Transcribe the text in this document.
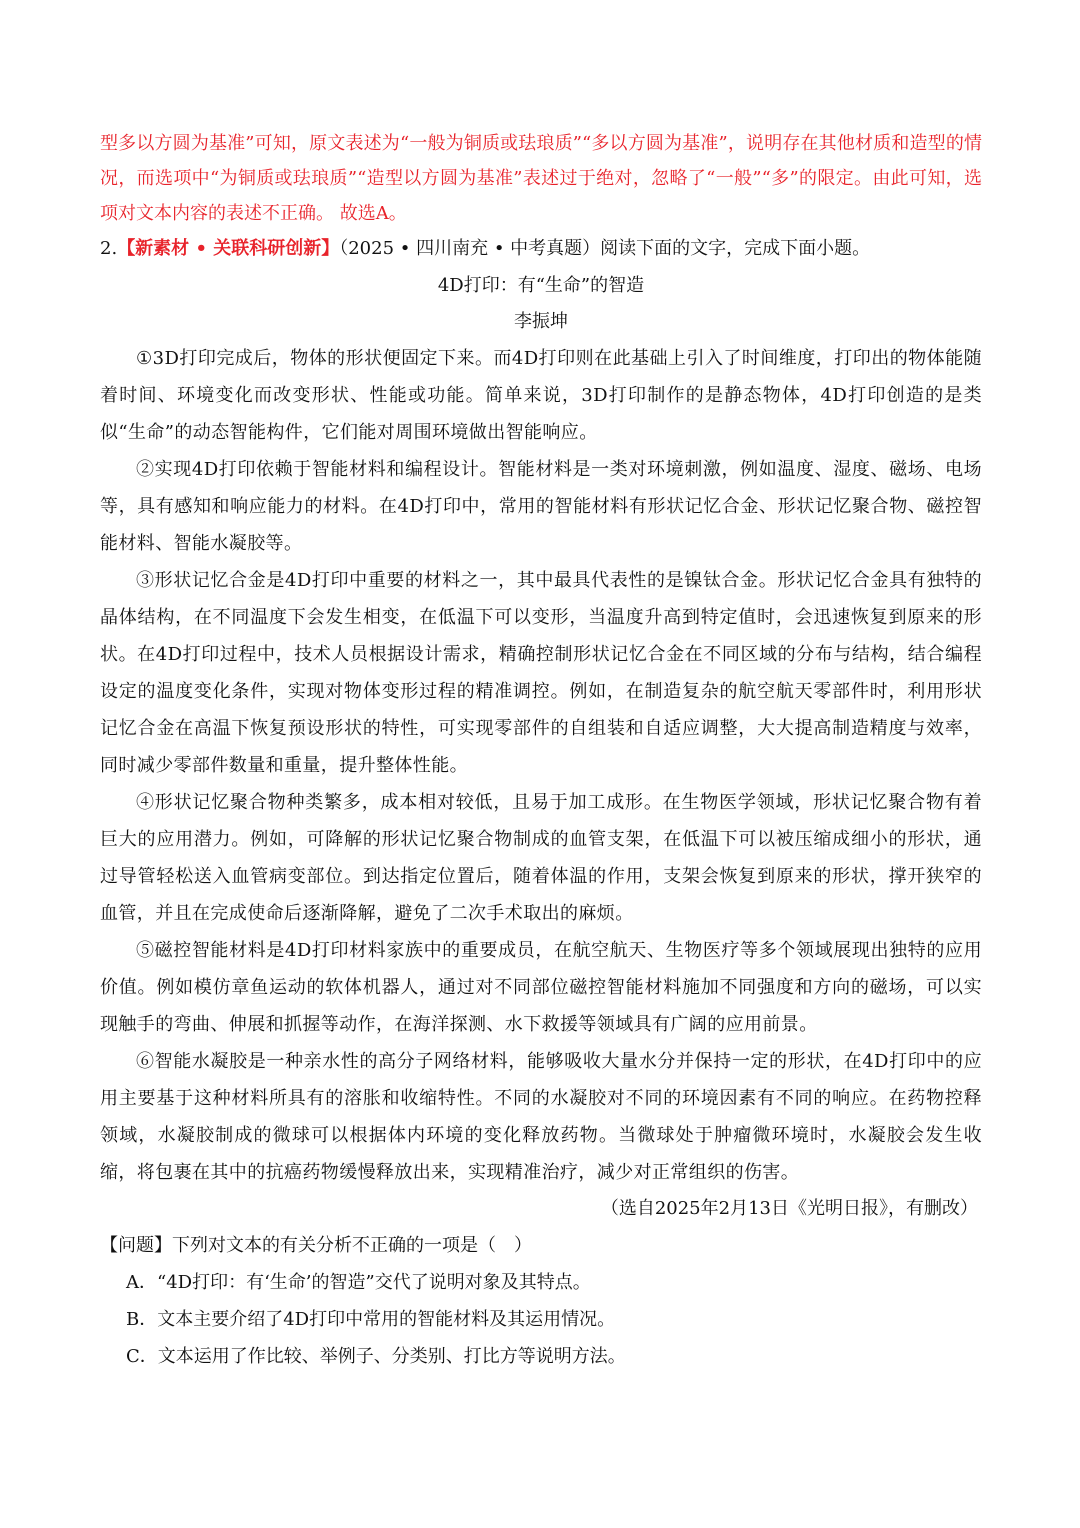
型多以方圆为基准”可知，原文表述为“一般为铜质或珐琅质”“多以方圆为基准”，说明存在其他材质和造型的情况，而选项中“为铜质或珐琅质”“造型以方圆为基准”表述过于绝对，忽略了“一般”“多”的限定。由此可知，选项对文本内容的表述不正确。 故选A。

2.【新素材 • 关联科研创新】（2025 • 四川南充 • 中考真题）阅读下面的文字，完成下面小题。

4D打印：有“生命”的智造

李振坤

①3D打印完成后，物体的形状便固定下来。而4D打印则在此基础上引入了时间维度，打印出的物体能随着时间、环境变化而改变形状、性能或功能。简单来说，3D打印制作的是静态物体，4D打印创造的是类似“生命”的动态智能构件，它们能对周围环境做出智能响应。

②实现4D打印依赖于智能材料和编程设计。智能材料是一类对环境刺激，例如温度、湿度、磁场、电场等，具有感知和响应能力的材料。在4D打印中，常用的智能材料有形状记忆合金、形状记忆聚合物、磁控智能材料、智能水凝胶等。

③形状记忆合金是4D打印中重要的材料之一，其中最具代表性的是镍钛合金。形状记忆合金具有独特的晶体结构，在不同温度下会发生相变，在低温下可以变形，当温度升高到特定值时，会迅速恢复到原来的形状。在4D打印过程中，技术人员根据设计需求，精确控制形状记忆合金在不同区域的分布与结构，结合编程设定的温度变化条件，实现对物体变形过程的精准调控。例如，在制造复杂的航空航天零部件时，利用形状记忆合金在高温下恢复预设形状的特性，可实现零部件的自组装和自适应调整，大大提高制造精度与效率，同时减少零部件数量和重量，提升整体性能。

④形状记忆聚合物种类繁多，成本相对较低，且易于加工成形。在生物医学领域，形状记忆聚合物有着巨大的应用潜力。例如，可降解的形状记忆聚合物制成的血管支架，在低温下可以被压缩成细小的形状，通过导管轻松送入血管病变部位。到达指定位置后，随着体温的作用，支架会恢复到原来的形状，撑开狭窄的血管，并且在完成使命后逐渐降解，避免了二次手术取出的麻烦。

⑤磁控智能材料是4D打印材料家族中的重要成员，在航空航天、生物医疗等多个领域展现出独特的应用价值。例如模仿章鱼运动的软体机器人，通过对不同部位磁控智能材料施加不同强度和方向的磁场，可以实现触手的弯曲、伸展和抓握等动作，在海洋探测、水下救援等领域具有广阔的应用前景。

⑥智能水凝胶是一种亲水性的高分子网络材料，能够吸收大量水分并保持一定的形状，在4D打印中的应用主要基于这种材料所具有的溶胀和收缩特性。不同的水凝胶对不同的环境因素有不同的响应。在药物控释领域，水凝胶制成的微球可以根据体内环境的变化释放药物。当微球处于肿瘤微环境时，水凝胶会发生收缩，将包裹在其中的抗癌药物缓慢释放出来，实现精准治疗，减少对正常组织的伤害。

（选自2025年2月13日《光明日报》，有删改）

【问题】下列对文本的有关分析不正确的一项是（　）

A．“4D打印：有‘生命’的智造”交代了说明对象及其特点。

B．文本主要介绍了4D打印中常用的智能材料及其运用情况。

C．文本运用了作比较、举例子、分类别、打比方等说明方法。
